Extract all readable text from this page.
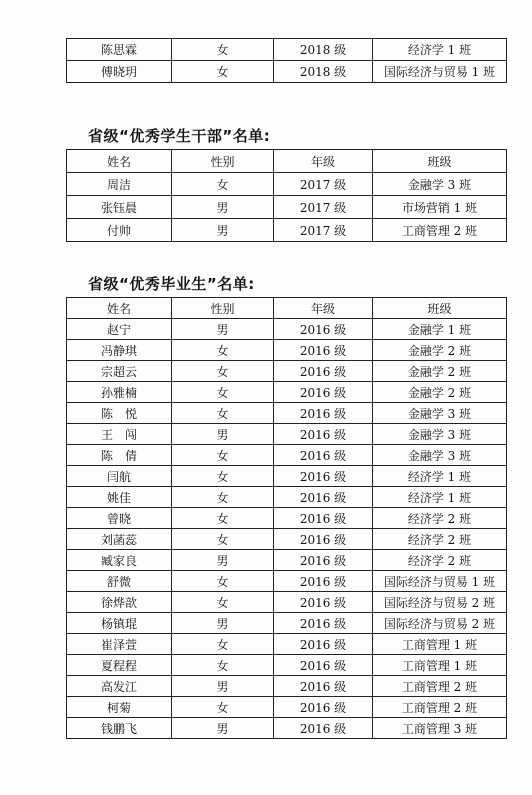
陈思霖	女	2018 级	经济学 1 班
傅晓玥	女	2018 级	国际经济与贸易 1 班
省级“优秀学生干部”名单:
姓名	性别	年级	班级
周洁	女	2017 级	金融学 3 班
张钰晨	男	2017 级	市场营销 1 班
付帅	男	2017 级	工商管理 2 班
省级“优秀毕业生”名单:
姓名	性别	年级	班级
赵宁	男	2016 级	金融学 1 班
冯静琪	女	2016 级	金融学 2 班
宗超云	女	2016 级	金融学 2 班
孙雅楠	女	2016 级	金融学 2 班
陈　悦	女	2016 级	金融学 3 班
王　闯	男	2016 级	金融学 3 班
陈　倩	女	2016 级	金融学 3 班
闫航	女	2016 级	经济学 1 班
姚佳	女	2016 级	经济学 1 班
曾晓	女	2016 级	经济学 2 班
刘菡蕊	女	2016 级	经济学 2 班
臧家良	男	2016 级	经济学 2 班
舒微	女	2016 级	国际经济与贸易 1 班
徐烨歆	女	2016 级	国际经济与贸易 2 班
杨镇琨	男	2016 级	国际经济与贸易 2 班
崔泽萱	女	2016 级	工商管理 1 班
夏程程	女	2016 级	工商管理 1 班
高发江	男	2016 级	工商管理 2 班
柯菊	女	2016 级	工商管理 2 班
钱鹏飞	男	2016 级	工商管理 3 班
